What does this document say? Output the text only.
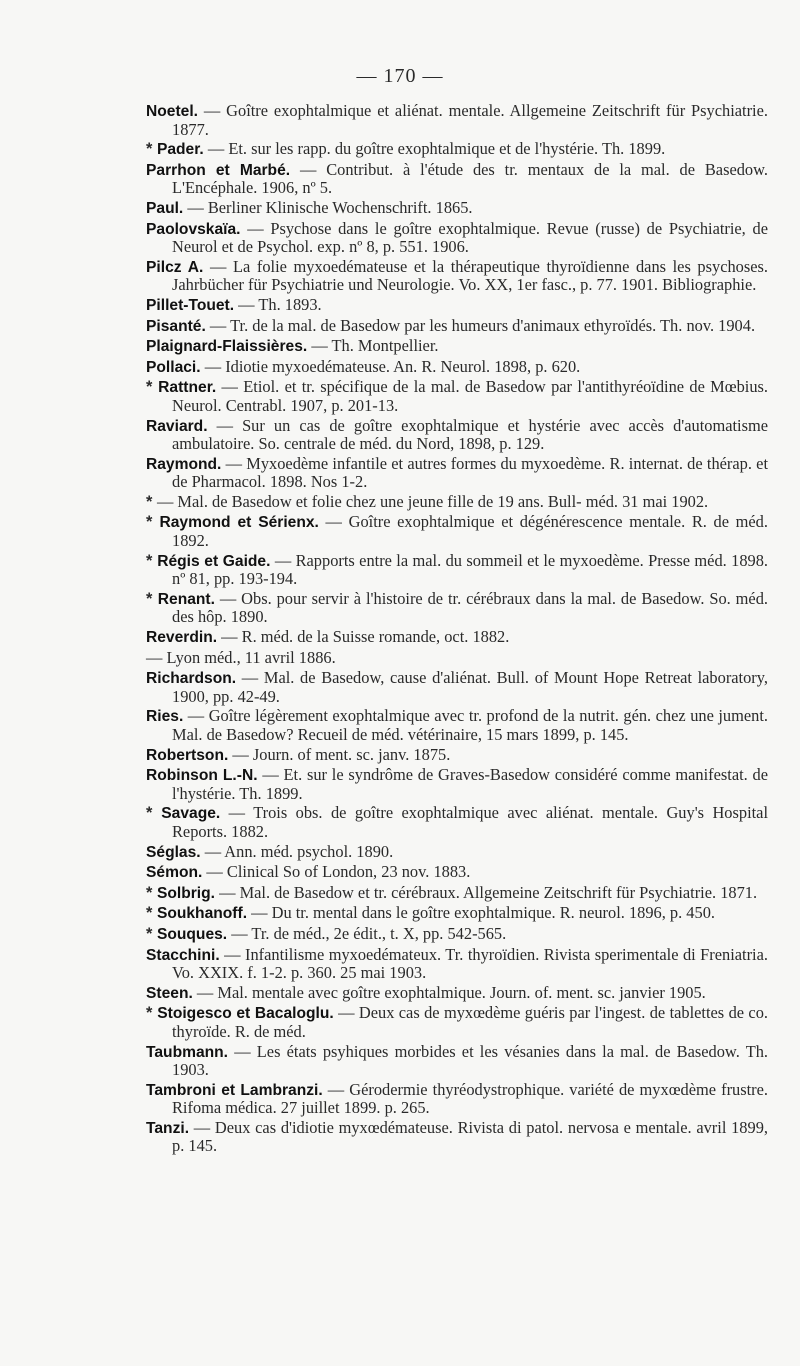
— 170 —

Noetel. — Goître exophtalmique et aliénat. mentale. Allgemeine Zeitschrift für Psychiatrie. 1877.

* Pader. — Et. sur les rapp. du goître exophtalmique et de l'hystérie. Th. 1899.

Parrhon et Marbé. — Contribut. à l'étude des tr. mentaux de la mal. de Basedow. L'Encéphale. 1906, nº 5.

Paul. — Berliner Klinische Wochenschrift. 1865.

Paolovskaïa. — Psychose dans le goître exophtalmique. Revue (russe) de Psychiatrie, de Neurol et de Psychol. exp. nº 8, p. 551. 1906.

Pilcz A. — La folie myxoedémateuse et la thérapeutique thyroïdienne dans les psychoses. Jahrbücher für Psychiatrie und Neurologie. Vo. XX, 1er fasc., p. 77. 1901. Bibliographie.

Pillet-Touet. — Th. 1893.

Pisanté. — Tr. de la mal. de Basedow par les humeurs d'animaux ethyroïdés. Th. nov. 1904.

Plaignard-Flaissières. — Th. Montpellier.

Pollaci. — Idiotie myxoedémateuse. An. R. Neurol. 1898, p. 620.

* Rattner. — Etiol. et tr. spécifique de la mal. de Basedow par l'antithyréoïdine de Mœbius. Neurol. Centrabl. 1907, p. 201-13.

Raviard. — Sur un cas de goître exophtalmique et hystérie avec accès d'automatisme ambulatoire. So. centrale de méd. du Nord, 1898, p. 129.

Raymond. — Myxoedème infantile et autres formes du myxoedème. R. internat. de thérap. et de Pharmacol. 1898. Nos 1-2.

* — Mal. de Basedow et folie chez une jeune fille de 19 ans. Bull- méd. 31 mai 1902.

* Raymond et Sérienx. — Goître exophtalmique et dégénérescence mentale. R. de méd. 1892.

* Régis et Gaide. — Rapports entre la mal. du sommeil et le myxoedème. Presse méd. 1898. nº 81, pp. 193-194.

* Renant. — Obs. pour servir à l'histoire de tr. cérébraux dans la mal. de Basedow. So. méd. des hôp. 1890.

Reverdin. — R. méd. de la Suisse romande, oct. 1882.

— Lyon méd., 11 avril 1886.

Richardson. — Mal. de Basedow, cause d'aliénat. Bull. of Mount Hope Retreat laboratory, 1900, pp. 42-49.

Ries. — Goître légèrement exophtalmique avec tr. profond de la nutrit. gén. chez une jument. Mal. de Basedow? Recueil de méd. vétérinaire, 15 mars 1899, p. 145.

Robertson. — Journ. of ment. sc. janv. 1875.

Robinson L.-N. — Et. sur le syndrôme de Graves-Basedow considéré comme manifestat. de l'hystérie. Th. 1899.

* Savage. — Trois obs. de goître exophtalmique avec aliénat. mentale. Guy's Hospital Reports. 1882.

Séglas. — Ann. méd. psychol. 1890.

Sémon. — Clinical So of London, 23 nov. 1883.

* Solbrig. — Mal. de Basedow et tr. cérébraux. Allgemeine Zeitschrift für Psychiatrie. 1871.

* Soukhanoff. — Du tr. mental dans le goître exophtalmique. R. neurol. 1896, p. 450.

* Souques. — Tr. de méd., 2e édit., t. X, pp. 542-565.

Stacchini. — Infantilisme myxoedémateux. Tr. thyroïdien. Rivista sperimentale di Freniatria. Vo. XXIX. f. 1-2. p. 360. 25 mai 1903.

Steen. — Mal. mentale avec goître exophtalmique. Journ. of. ment. sc. janvier 1905.

* Stoigesco et Bacaloglu. — Deux cas de myxœdème guéris par l'ingest. de tablettes de co. thyroïde. R. de méd.

Taubmann. — Les états psyhiques morbides et les vésanies dans la mal. de Basedow. Th. 1903.

Tambroni et Lambranzi. — Gérodermie thyréodystrophique. variété de myxœdème frustre. Rifoma médica. 27 juillet 1899. p. 265.

Tanzi. — Deux cas d'idiotie myxœdémateuse. Rivista di patol. nervosa e mentale. avril 1899, p. 145.
